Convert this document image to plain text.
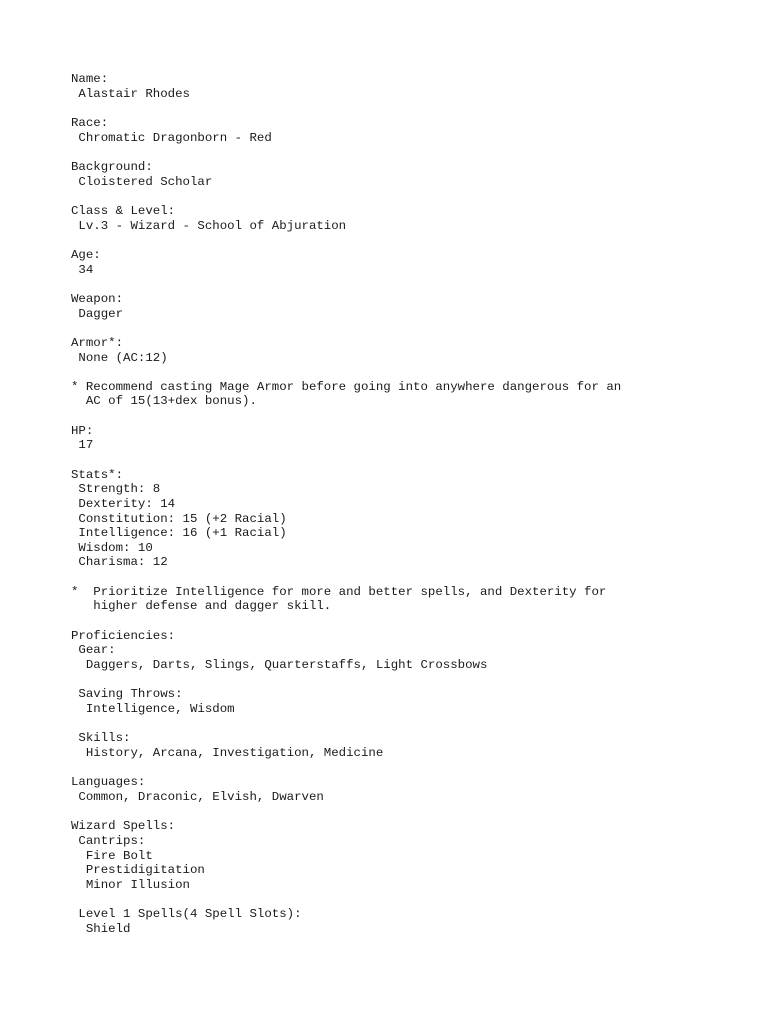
Name:
Alastair Rhodes
Race:
Chromatic Dragonborn - Red
Background:
Cloistered Scholar
Class & Level:
Lv.3 - Wizard - School of Abjuration
Age:
34
Weapon:
Dagger
Armor*:
None (AC:12)
* Recommend casting Mage Armor before going into anywhere dangerous for an
AC of 15(13+dex bonus).
HP:
17
Stats*:
Strength: 8
Dexterity: 14
Constitution: 15 (+2 Racial)
Intelligence: 16 (+1 Racial)
Wisdom: 10
Charisma: 12
*  Prioritize Intelligence for more and better spells, and Dexterity for
higher defense and dagger skill.
Proficiencies:
Gear:
Daggers, Darts, Slings, Quarterstaffs, Light Crossbows
Saving Throws:
Intelligence, Wisdom
Skills:
History, Arcana, Investigation, Medicine
Languages:
Common, Draconic, Elvish, Dwarven
Wizard Spells:
Cantrips:
Fire Bolt
Prestidigitation
Minor Illusion
Level 1 Spells(4 Spell Slots):
Shield
